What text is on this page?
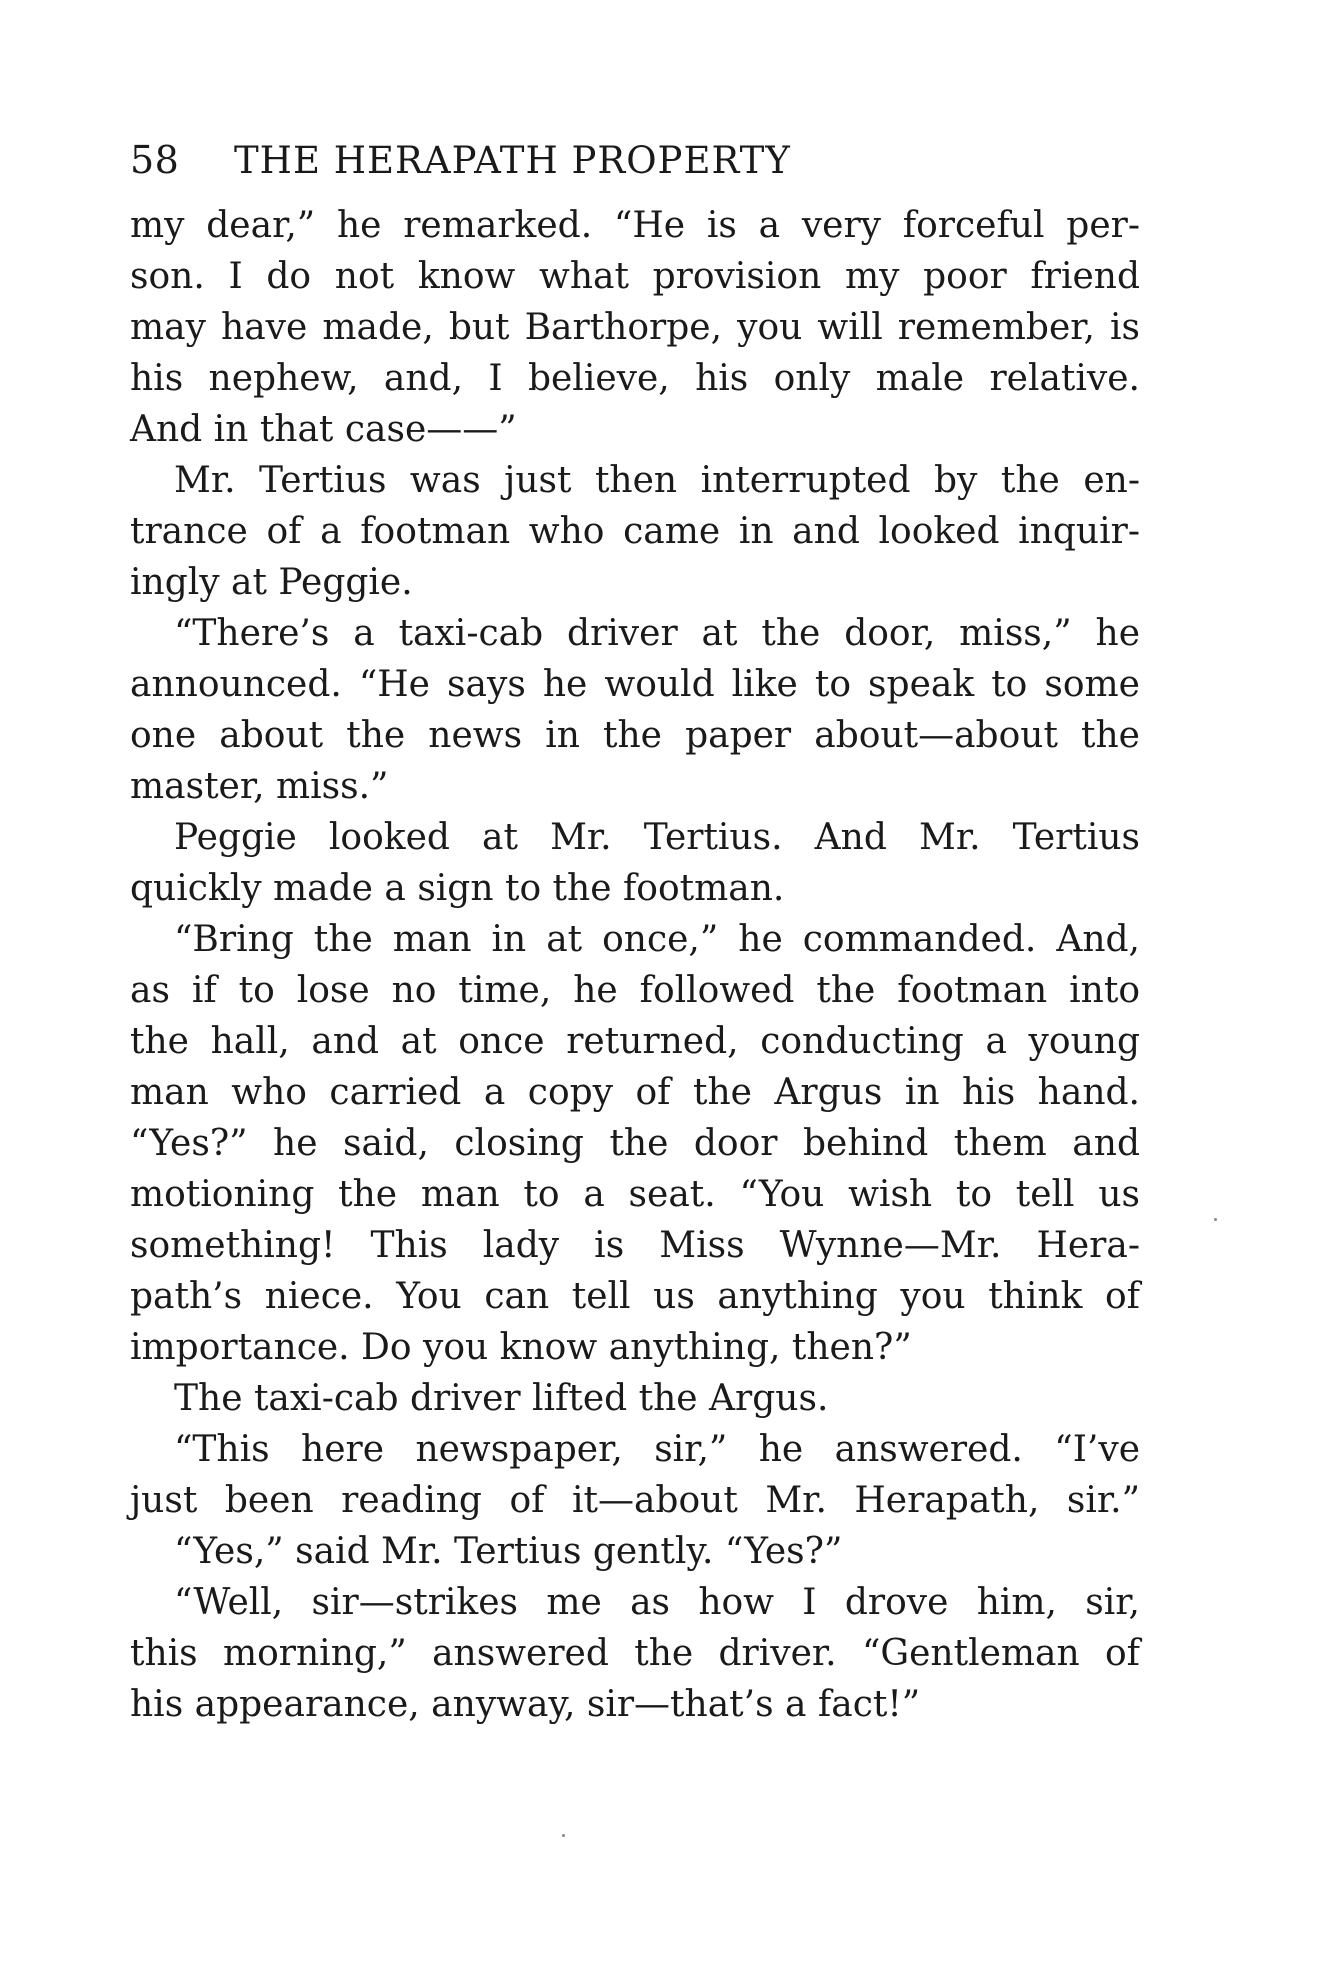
58	THE HERAPATH PROPERTY
my dear,” he remarked. “He is a very forceful per-
son. I do not know what provision my poor friend
may have made, but Barthorpe, you will remember, is
his nephew, and, I believe, his only male relative.
And in that case——”
Mr. Tertius was just then interrupted by the en-
trance of a footman who came in and looked inquir-
ingly at Peggie.
“There’s a taxi-cab driver at the door, miss,” he
announced. “He says he would like to speak to some
one about the news in the paper about—about the
master, miss.”
Peggie looked at Mr. Tertius. And Mr. Tertius
quickly made a sign to the footman.
“Bring the man in at once,” he commanded. And,
as if to lose no time, he followed the footman into
the hall, and at once returned, conducting a young
man who carried a copy of the Argus in his hand.
“Yes?” he said, closing the door behind them and
motioning the man to a seat. “You wish to tell us
something! This lady is Miss Wynne—Mr. Hera-
path’s niece. You can tell us anything you think of
importance. Do you know anything, then?”
The taxi-cab driver lifted the Argus.
“This here newspaper, sir,” he answered. “I’ve
just been reading of it—about Mr. Herapath, sir.”
“Yes,” said Mr. Tertius gently. “Yes?”
“Well, sir—strikes me as how I drove him, sir,
this morning,” answered the driver. “Gentleman of
his appearance, anyway, sir—that’s a fact!”
